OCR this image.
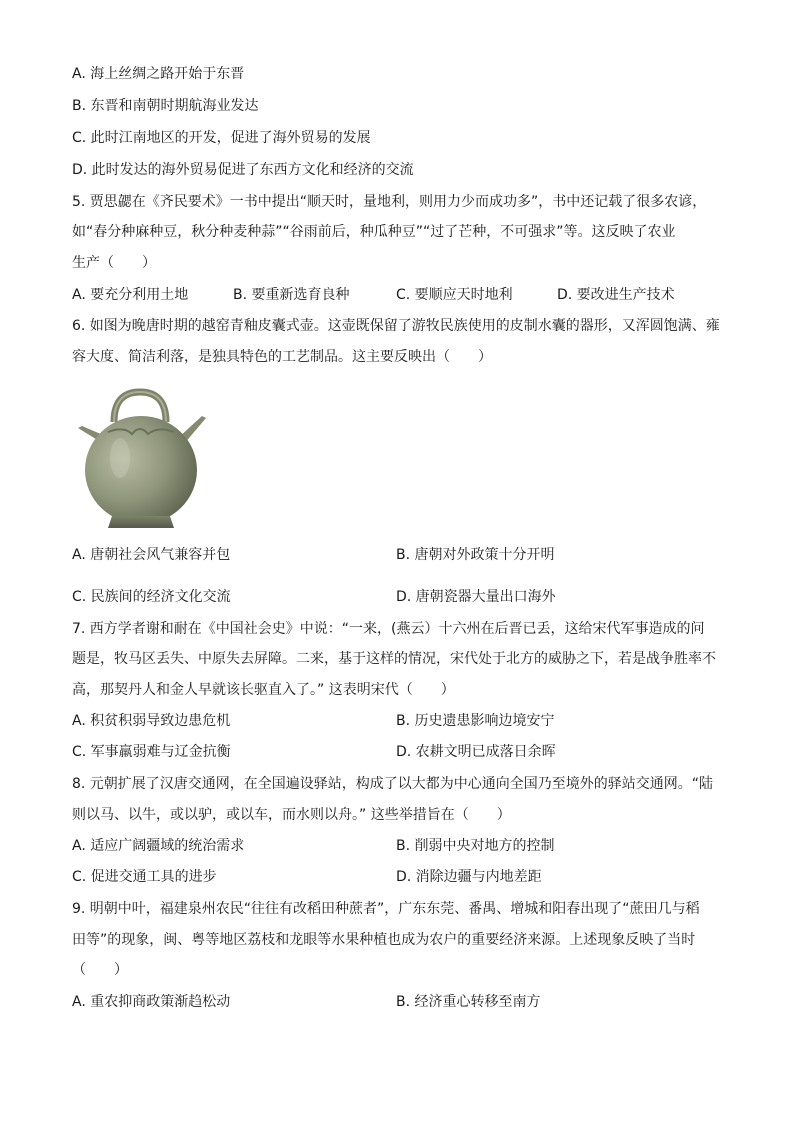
A. 海上丝绸之路开始于东晋
B. 东晋和南朝时期航海业发达
C. 此时江南地区的开发，促进了海外贸易的发展
D. 此时发达的海外贸易促进了东西方文化和经济的交流
5. 贾思勰在《齐民要术》一书中提出“顺天时，量地利，则用力少而成功多”，书中还记载了很多农谚，
如“春分种麻种豆，秋分种麦种蒜”“谷雨前后，种瓜种豆”“过了芒种，不可强求”等。这反映了农业
生产（　　）
A. 要充分利用土地	B. 要重新选育良种	C. 要顺应天时地利	D. 要改进生产技术
6. 如图为晚唐时期的越窑青釉皮囊式壶。这壶既保留了游牧民族使用的皮制水囊的器形，又浑圆饱满、雍
容大度、简洁利落，是独具特色的工艺制品。这主要反映出（　　）
A. 唐朝社会风气兼容并包	B. 唐朝对外政策十分开明
C. 民族间的经济文化交流	D. 唐朝瓷器大量出口海外
7. 西方学者谢和耐在《中国社会史》中说：“一来，(燕云）十六州在后晋已丢，这给宋代军事造成的问
题是，牧马区丢失、中原失去屏障。二来，基于这样的情况，宋代处于北方的威胁之下，若是战争胜率不
高，那契丹人和金人早就该长驱直入了。” 这表明宋代（　　）
A. 积贫积弱导致边患危机	B. 历史遗患影响边境安宁
C. 军事羸弱难与辽金抗衡	D. 农耕文明已成落日余晖
8. 元朝扩展了汉唐交通网，在全国遍设驿站，构成了以大都为中心通向全国乃至境外的驿站交通网。“陆
则以马、以牛，或以驴，或以车，而水则以舟。” 这些举措旨在（　　）
A. 适应广阔疆域的统治需求	B. 削弱中央对地方的控制
C. 促进交通工具的进步	D. 消除边疆与内地差距
9. 明朝中叶，福建泉州农民“往往有改稻田种蔗者”，广东东莞、番禺、增城和阳春出现了“蔗田几与稻
田等”的现象，闽、粤等地区荔枝和龙眼等水果种植也成为农户的重要经济来源。上述现象反映了当时
（　　）
A. 重农抑商政策渐趋松动	B. 经济重心转移至南方
